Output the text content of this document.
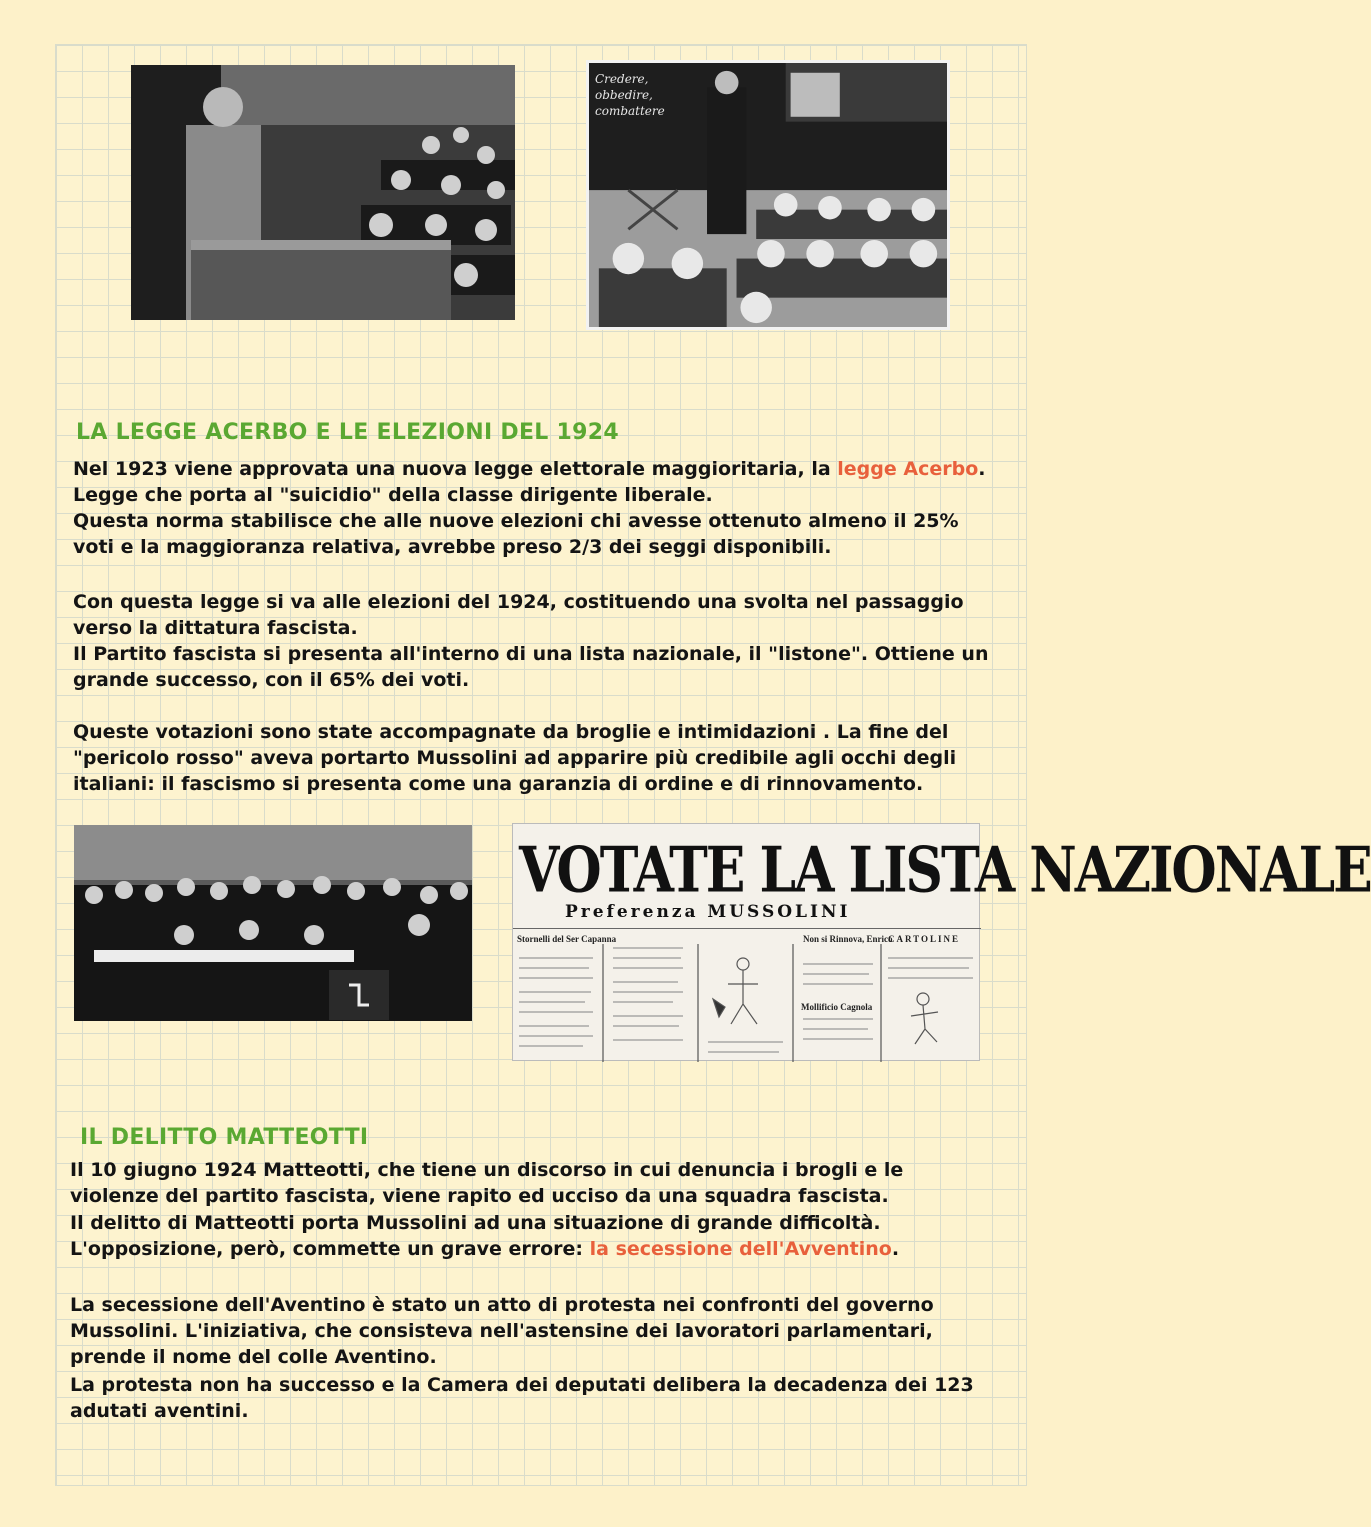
Credere, obbedire, combattere
LA LEGGE ACERBO E LE ELEZIONI DEL 1924

Nel 1923 viene approvata una nuova legge elettorale maggioritaria, la legge Acerbo. Legge che porta al "suicidio" della classe dirigente liberale.

Questa norma stabilisce che alle nuove elezioni chi avesse ottenuto almeno il 25% voti e la maggioranza relativa, avrebbe preso 2/3 dei seggi disponibili.

Con questa legge si va alle elezioni del 1924, costituendo una svolta nel passaggio verso la dittatura fascista.

Il Partito fascista si presenta all'interno di una lista nazionale, il "listone". Ottiene un grande successo, con il 65% dei voti.

Queste votazioni sono state accompagnate da broglie e intimidazioni . La fine del "pericolo rosso" aveva portarto Mussolini ad apparire più credibile agli occhi degli italiani: il fascismo si presenta come una garanzia di ordine e di rinnovamento.

VOTATE LA LISTA NAZIONALE
Preferenza MUSSOLINI
Stornelli del Ser Capanna	Non si Rinnova, Enrico
CARTOLINE
Mollificio Cagnola
IL DELITTO MATTEOTTI

Il 10 giugno 1924 Matteotti, che tiene un discorso in cui denuncia i brogli e le violenze del partito fascista, viene rapito ed ucciso da una squadra fascista.

Il delitto di Matteotti porta Mussolini ad una situazione di grande difficoltà. L'opposizione, però, commette un grave errore: la secessione dell'Avventino.

La secessione dell'Aventino è stato un atto di protesta nei confronti del governo Mussolini. L'iniziativa, che consisteva nell'astensine dei lavoratori parlamentari, prende il nome del colle Aventino.

La protesta non ha successo e la Camera dei deputati delibera la decadenza dei 123 adutati aventini.
